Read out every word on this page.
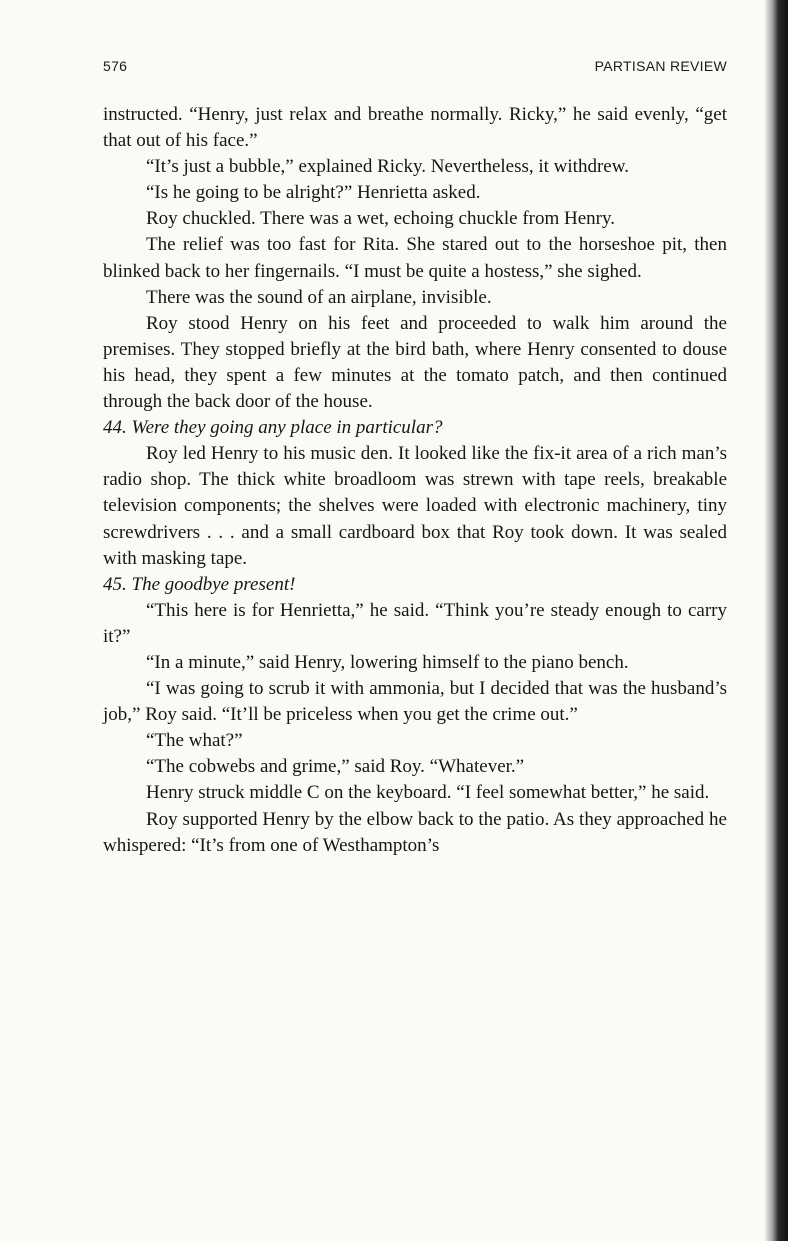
576	PARTISAN REVIEW

instructed. “Henry, just relax and breathe normally. Ricky,” he said evenly, “get that out of his face.”

“It’s just a bubble,” explained Ricky. Nevertheless, it withdrew.

“Is he going to be alright?” Henrietta asked.

Roy chuckled. There was a wet, echoing chuckle from Henry.

The relief was too fast for Rita. She stared out to the horseshoe pit, then blinked back to her fingernails. “I must be quite a hostess,” she sighed.

There was the sound of an airplane, invisible.

Roy stood Henry on his feet and proceeded to walk him around the premises. They stopped briefly at the bird bath, where Henry consented to douse his head, they spent a few minutes at the tomato patch, and then continued through the back door of the house.

44. Were they going any place in particular?

Roy led Henry to his music den. It looked like the fix-it area of a rich man’s radio shop. The thick white broadloom was strewn with tape reels, breakable television components; the shelves were loaded with electronic machinery, tiny screwdrivers . . . and a small cardboard box that Roy took down. It was sealed with masking tape.

45. The goodbye present!

“This here is for Henrietta,” he said. “Think you’re steady enough to carry it?”

“In a minute,” said Henry, lowering himself to the piano bench.

“I was going to scrub it with ammonia, but I decided that was the husband’s job,” Roy said. “It’ll be priceless when you get the crime out.”

“The what?”

“The cobwebs and grime,” said Roy. “Whatever.”

Henry struck middle C on the keyboard. “I feel somewhat better,” he said.

Roy supported Henry by the elbow back to the patio. As they approached he whispered: “It’s from one of Westhampton’s
